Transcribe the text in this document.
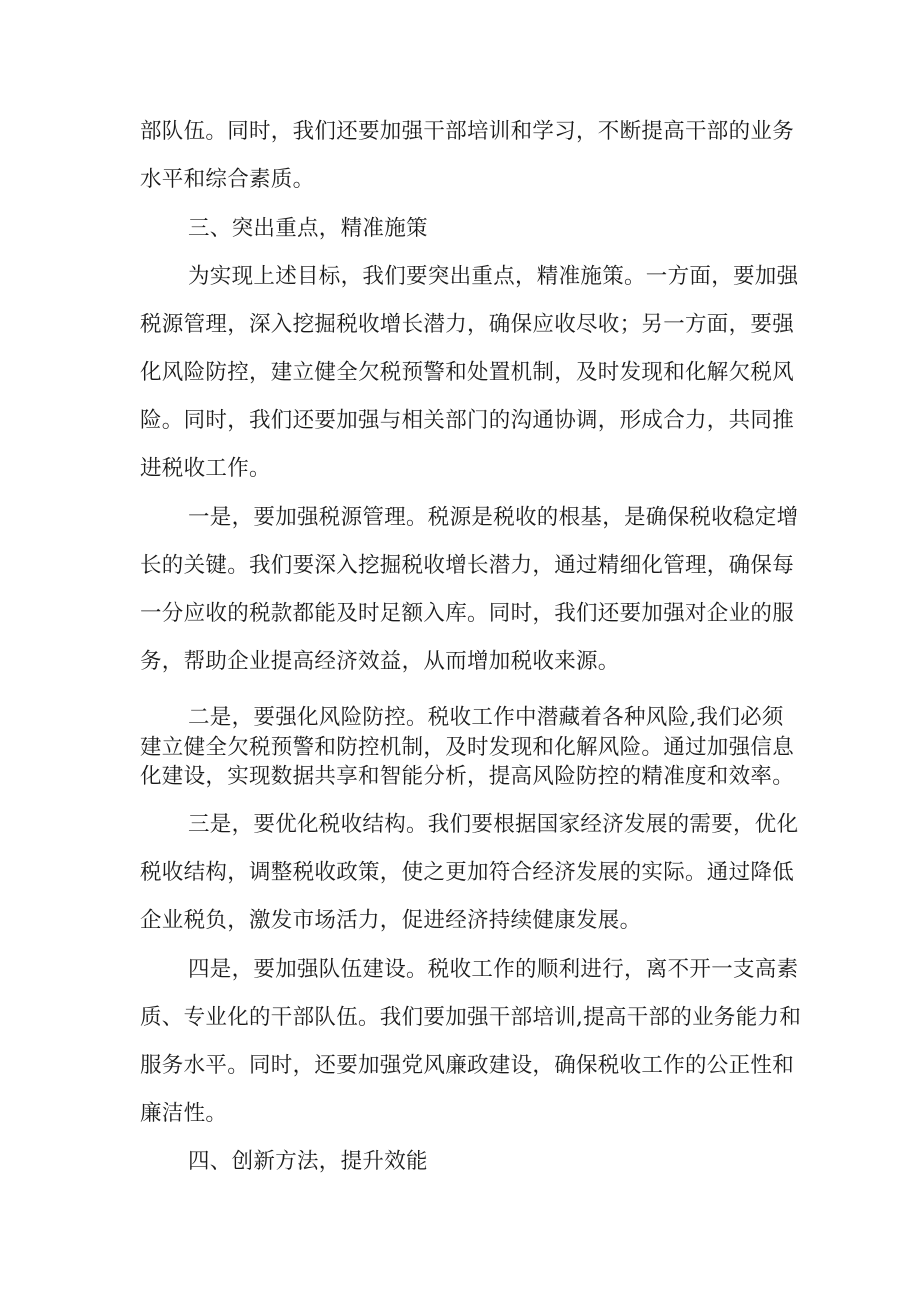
部队伍。同时，我们还要加强干部培训和学习，不断提高干部的业务
水平和综合素质。
三、突出重点，精准施策
为实现上述目标，我们要突出重点，精准施策。一方面，要加强
税源管理，深入挖掘税收增长潜力，确保应收尽收；另一方面，要强
化风险防控，建立健全欠税预警和处置机制，及时发现和化解欠税风
险。同时，我们还要加强与相关部门的沟通协调，形成合力，共同推
进税收工作。
一是，要加强税源管理。税源是税收的根基，是确保税收稳定增
长的关键。我们要深入挖掘税收增长潜力，通过精细化管理，确保每
一分应收的税款都能及时足额入库。同时，我们还要加强对企业的服
务，帮助企业提高经济效益，从而增加税收来源。
二是，要强化风险防控。税收工作中潜藏着各种风险,我们必须
建立健全欠税预警和防控机制，及时发现和化解风险。通过加强信息
化建设，实现数据共享和智能分析，提高风险防控的精准度和效率。
三是，要优化税收结构。我们要根据国家经济发展的需要，优化
税收结构，调整税收政策，使之更加符合经济发展的实际。通过降低
企业税负，激发市场活力，促进经济持续健康发展。
四是，要加强队伍建设。税收工作的顺利进行，离不开一支高素
质、专业化的干部队伍。我们要加强干部培训,提高干部的业务能力和
服务水平。同时，还要加强党风廉政建设，确保税收工作的公正性和
廉洁性。
四、创新方法，提升效能
